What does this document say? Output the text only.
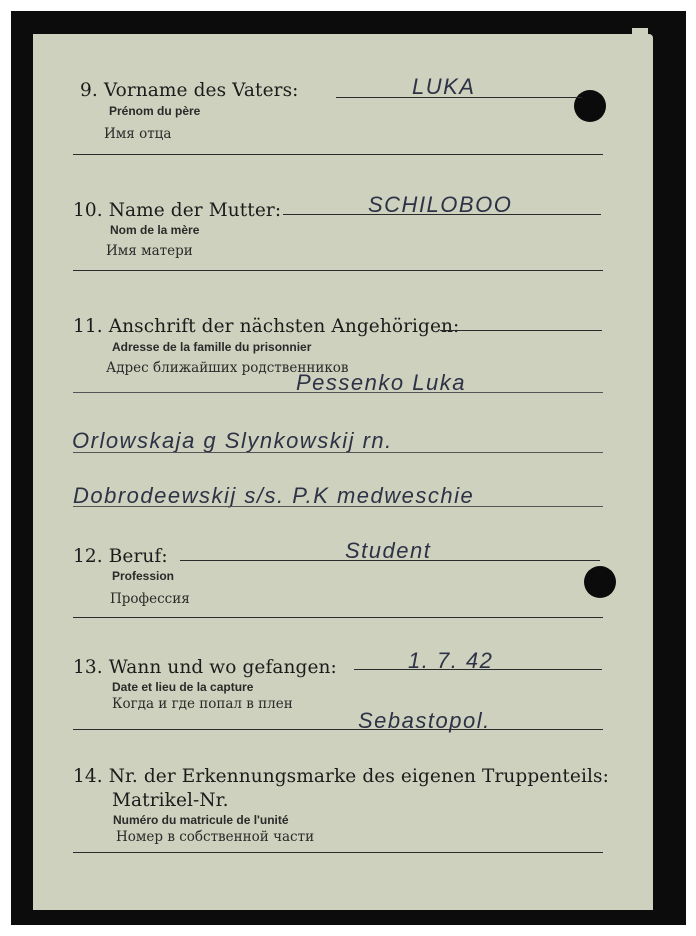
9. Vorname des Vaters:	LUKA
Prénom du père
Имя отца
10. Name der Mutter:	SCHILOBOO
Nom de la mère
Имя матери
11. Anschrift der nächsten Angehörigen:
Adresse de la famille du prisonnier
Адрес ближайших родственников
Pessenko Luka
Orlowskaja g Slynkowskij rn.
Dobrodeewskij s/s. P.K medweschie
12. Beruf:	Student
Profession
Профессия
13. Wann und wo gefangen:	1. 7. 42
Date et lieu de la capture
Когда и где попал в плен
Sebastopol.
14. Nr. der Erkennungsmarke des eigenen Truppenteils:
Matrikel-Nr.
Numéro du matricule de l'unité
Номер в собственной части
